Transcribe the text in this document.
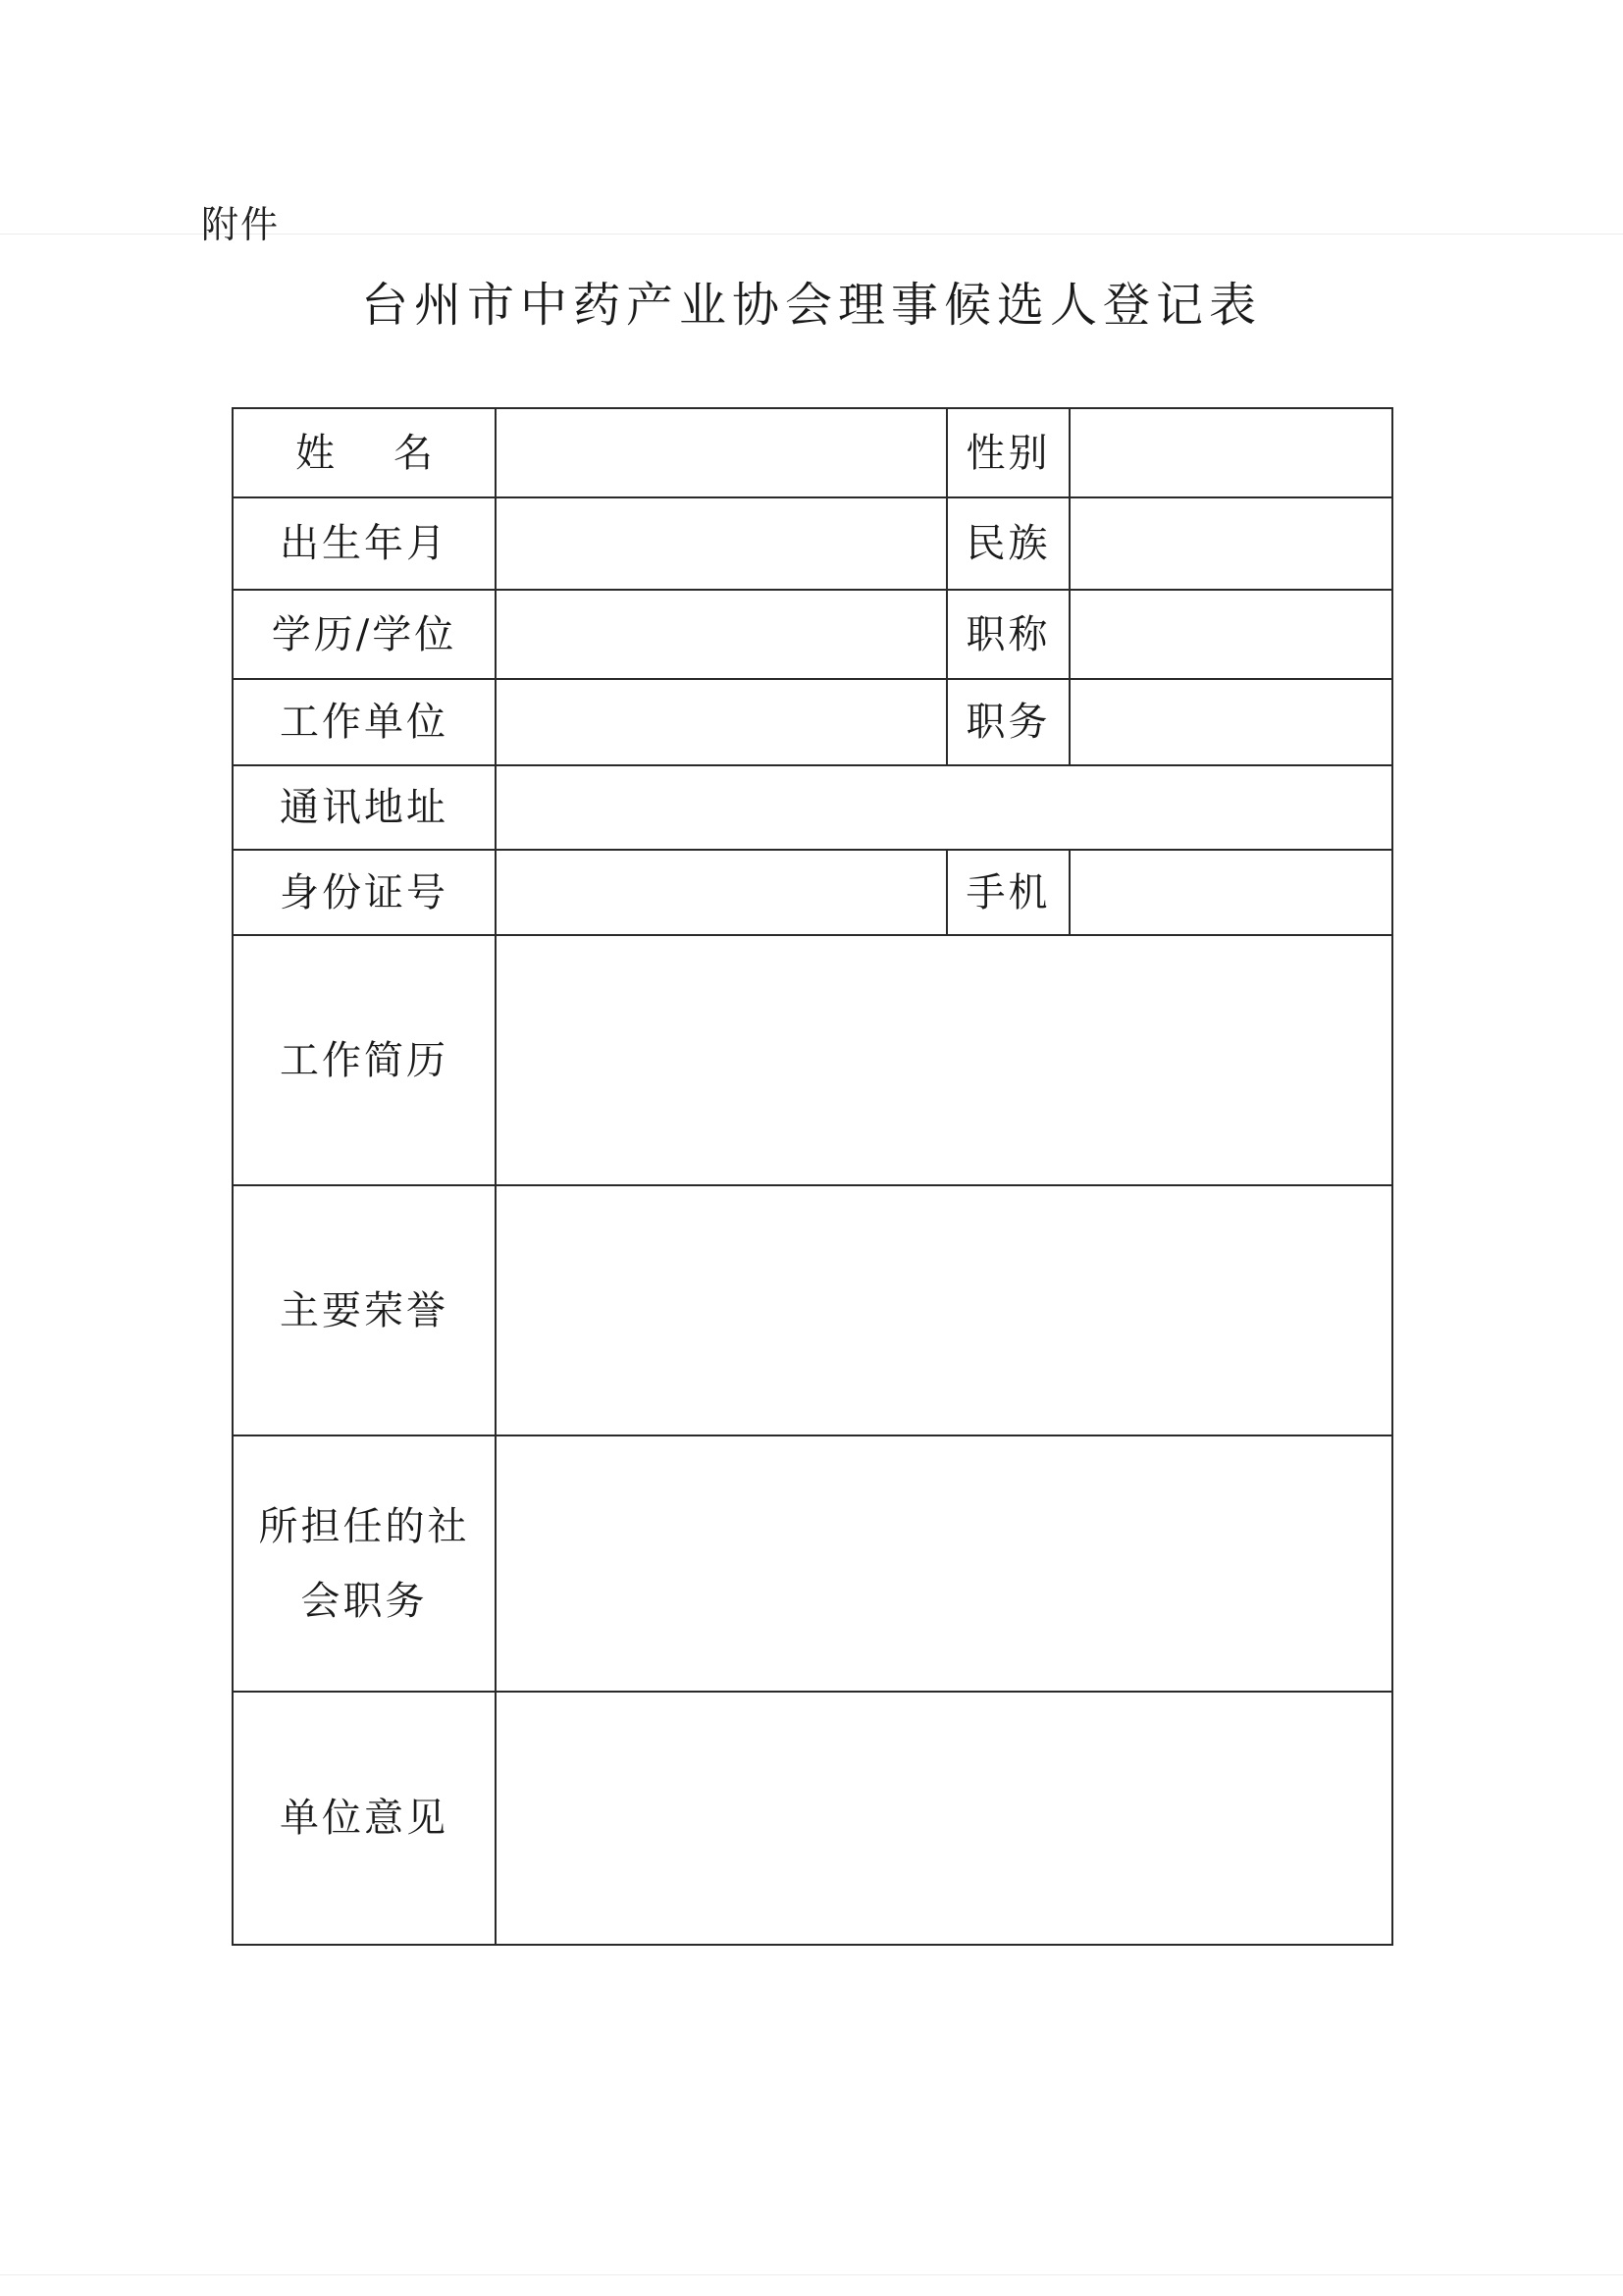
附件
台州市中药产业协会理事候选人登记表
姓 名		性别	
出生年月		民族	
学历/学位		职称	
工作单位		职务	
通讯地址			
身份证号		手机	
工作简历			
主要荣誉			

所担任的社
会职务			

单位意见			
